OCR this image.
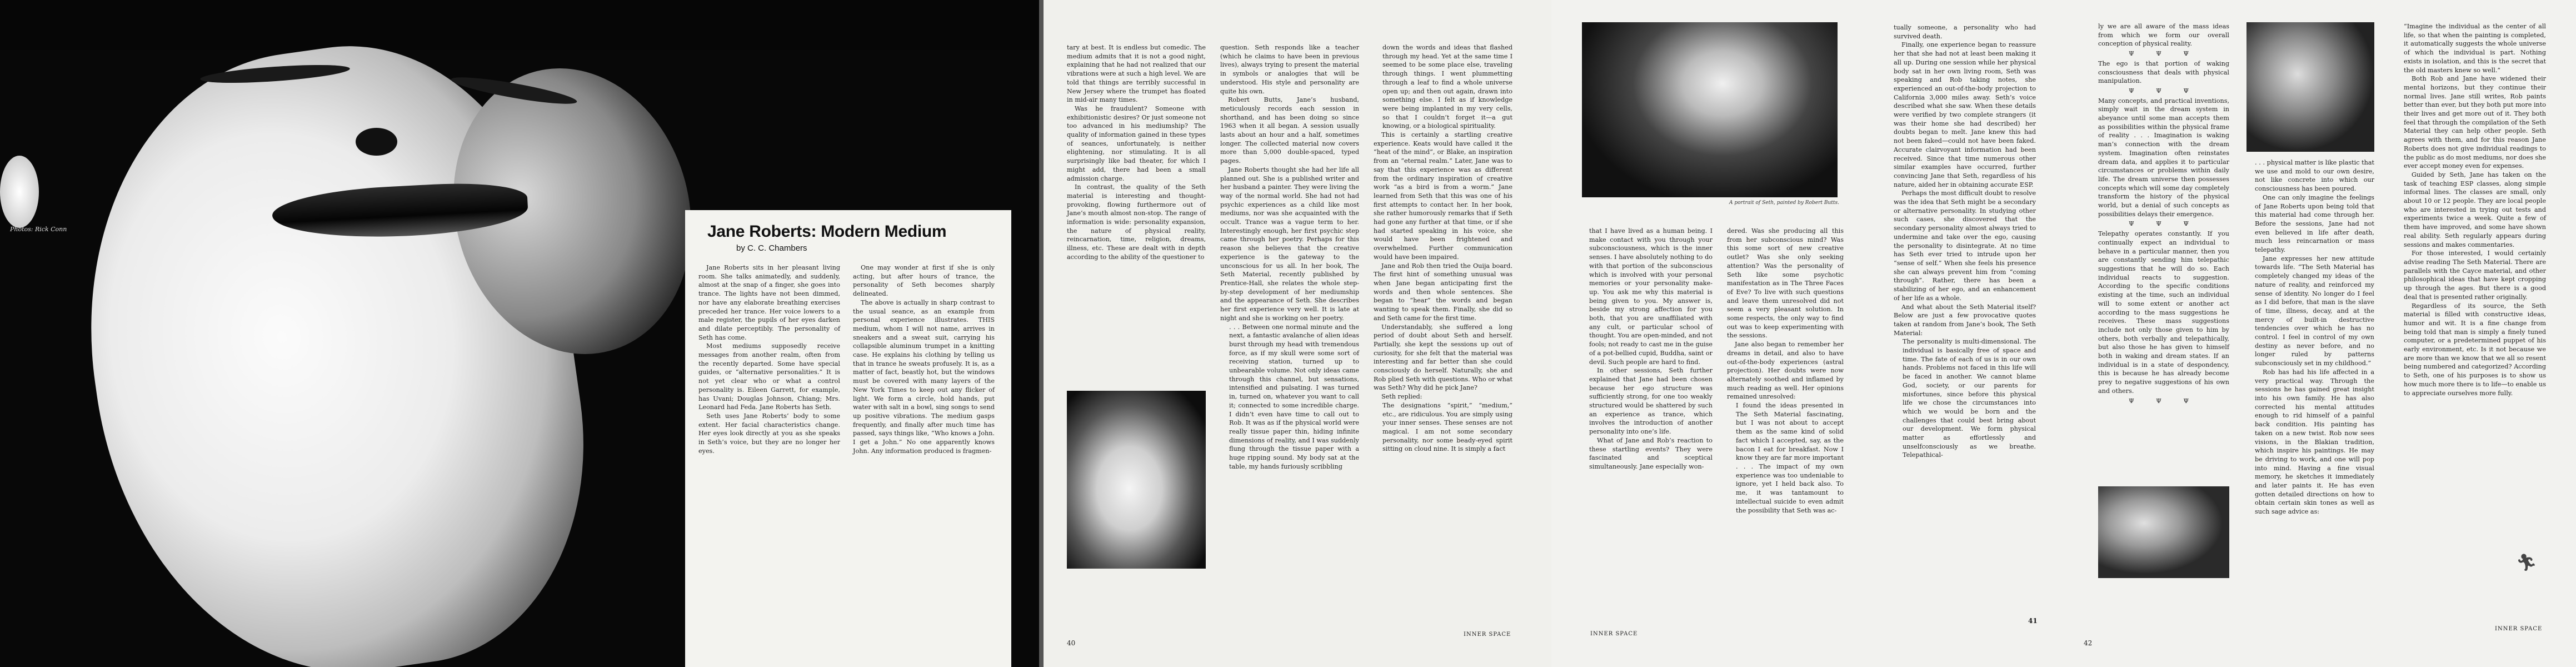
Photos: Rick Conn	Jane Roberts: Modern Medium
by C. C. Chambers

Jane Roberts sits in her pleasant living room. She talks animatedly, and suddenly, almost at the snap of a finger, she goes into trance. The lights have not been dimmed, nor have any elaborate breathing exercises preceded her trance. Her voice lowers to a male register, the pupils of her eyes darken and dilate perceptibly. The personality of Seth has come.

Most mediums supposedly receive messages from another realm, often from the recently departed. Some have special guides, or “alternative personalities.” It is not yet clear who or what a control personality is. Eileen Garrett, for example, has Uvani; Douglas Johnson, Chiang; Mrs. Leonard had Feda. Jane Roberts has Seth.

Seth uses Jane Roberts’ body to some extent. Her facial characteristics change. Her eyes look directly at you as she speaks in Seth’s voice, but they are no longer her eyes.

One may wonder at first if she is only acting, but after hours of trance, the personality of Seth becomes sharply delineated.

The above is actually in sharp contrast to the usual seance, as an example from personal experience illustrates. THIS medium, whom I will not name, arrives in sneakers and a sweat suit, carrying his collapsible aluminum trumpet in a knitting case. He explains his clothing by telling us that in trance he sweats profusely. It is, as a matter of fact, beastly hot, but the windows must be covered with many layers of the New York Times to keep out any flicker of light. We form a circle, hold hands, put water with salt in a bowl, sing songs to send up positive vibrations. The medium gasps frequently, and finally after much time has passed, says things like, “Who knows a John. I get a John.” No one apparently knows John. Any information produced is fragmen-

tary at best. It is endless but comedic. The medium admits that it is not a good night, explaining that he had not realized that our vibrations were at such a high level. We are told that things are terribly successful in New Jersey where the trumpet has floated in mid-air many times.

Was he fraudulent? Someone with exhibitionistic desires? Or just someone not too advanced in his mediumship? The quality of information gained in these types of seances, unfortunately, is neither elightening, nor stimulating. It is all surprisingly like bad theater, for which I might add, there had been a small admission charge.

In contrast, the quality of the Seth material is interesting and thought-provoking, flowing furthermore out of Jane’s mouth almost non-stop. The range of information is wide: personality expansion, the nature of physical reality, reincarnation, time, religion, dreams, illness, etc. These are dealt with in depth according to the ability of the questioner to

40

question. Seth responds like a teacher (which he claims to have been in previous lives), always trying to present the material in symbols or analogies that will be understood. His style and personality are quite his own.

Robert Butts, Jane’s husband, meticulously records each session in shorthand, and has been doing so since 1963 when it all began. A session usually lasts about an hour and a half, sometimes longer. The collected material now covers more than 5,000 double-spaced, typed pages.

Jane Roberts thought she had her life all planned out. She is a published writer and her husband a painter. They were living the way of the normal world. She had not had psychic experiences as a child like most mediums, nor was she acquainted with the occult. Trance was a vague term to her. Interestingly enough, her first psychic step came through her poetry. Perhaps for this reason she believes that the creative experience is the gateway to the unconscious for us all. In her book, The Seth Material, recently published by Prentice-Hall, she relates the whole step-by-step development of her mediumship and the appearance of Seth. She describes her first experience very well. It is late at night and she is working on her poetry.

. . . Between one normal minute and the next, a fantastic avalanche of alien ideas burst through my head with tremendous force, as if my skull were some sort of receiving station, turned up to unbearable volume. Not only ideas came through this channel, but sensations, intensified and pulsating. I was turned in, turned on, whatever you want to call it; connected to some incredible charge. I didn’t even have time to call out to Rob. It was as if the physical world were really tissue paper thin, hiding infinite dimensions of reality, and I was suddenly flung through the tissue paper with a huge ripping sound. My body sat at the table, my hands furiously scribbling

down the words and ideas that flashed through my head. Yet at the same time I seemed to be some place else, traveling through things. I went plummetting through a leaf to find a whole universe open up; and then out again, drawn into something else. I felt as if knowledge were being implanted in my very cells, so that I couldn’t forget it—a gut knowing, or a biological spirituality.

This is certainly a startling creative experience. Keats would have called it the “heat of the mind”, or Blake, an inspiration from an “eternal realm.” Later, Jane was to say that this experience was as different from the ordinary inspiration of creative work “as a bird is from a worm.” Jane learned from Seth that this was one of his first attempts to contact her. In her book, she rather humorously remarks that if Seth had gone any further at that time, or if she had started speaking in his voice, she would have been frightened and overwhelmed. Further communication would have been impaired.

Jane and Rob then tried the Ouija board. The first hint of something unusual was when Jane began anticipating first the words and then whole sentences. She began to “hear” the words and began wanting to speak them. Finally, she did so and Seth came for the first time.

Understandably, she suffered a long period of doubt about Seth and herself. Partially, she kept the sessions up out of curiosity, for she felt that the material was interesting and far better than she could consciously do herself. Naturally, she and Rob plied Seth with questions. Who or what was Seth? Why did he pick Jane?

Seth replied:

The designations “spirit,” “medium,” etc., are ridiculous. You are simply using your inner senses. These senses are not magical. I am not some secondary personality, nor some beady-eyed spirit sitting on cloud nine. It is simply a fact

INNER SPACE
A portrait of Seth, painted by Robert Butts.

that I have lived as a human being. I make contact with you through your subconsciousness, which is the inner senses. I have absolutely nothing to do with that portion of the subconscious which is involved with your personal memories or your personality make-up. You ask me why this material is being given to you. My answer is, beside my strong affection for you both, that you are unaffiliated with any cult, or particular school of thought. You are open-minded, and not fools; not ready to cast me in the guise of a pot-bellied cupid, Buddha, saint or devil. Such people are hard to find.

In other sessions, Seth further explained that Jane had been chosen because her ego structure was sufficiently strong, for one too weakly structured would be shattered by such an experience as trance, which involves the introduction of another personality into one’s life.

What of Jane and Rob’s reaction to these startling events? They were fascinated and sceptical simultaneously. Jane especially won-

INNER SPACE

dered. Was she producing all this from her subconscious mind? Was this some sort of new creative outlet? Was she only seeking attention? Was the personality of Seth like some psychotic manifestation as in The Three Faces of Eve? To live with such questions and leave them unresolved did not seem a very pleasant solution. In some respects, the only way to find out was to keep experimenting with the sessions.

Jane also began to remember her dreams in detail, and also to have out-of-the-body experiences (astral projection). Her doubts were now alternately soothed and inflamed by much reading as well. Her opinions remained unresolved:

I found the ideas presented in The Seth Material fascinating, but I was not about to accept them as the same kind of solid fact which I accepted, say, as the bacon I eat for breakfast. Now I know they are far more important . . . The impact of my own experience was too undeniable to ignore, yet I held back also. To me, it was tantamount to intellectual suicide to even admit the possibility that Seth was ac-

tually someone, a personality who had survived death.

Finally, one experience began to reassure her that she had not at least been making it all up. During one session while her physical body sat in her own living room, Seth was speaking and Rob taking notes, she experienced an out-of-the-body projection to California 3,000 miles away. Seth’s voice described what she saw. When these details were verified by two complete strangers (it was their home she had described) her doubts began to melt. Jane knew this had not been faked—could not have been faked. Accurate clairvoyant information had been received. Since that time numerous other similar examples have occurred, further convincing Jane that Seth, regardless of his nature, aided her in obtaining accurate ESP.

Perhaps the most difficult doubt to resolve was the idea that Seth might be a secondary or alternative personality. In studying other such cases, she discovered that the secondary personality almost always tried to undermine and take over the ego, causing the personality to disintegrate. At no time has Seth ever tried to intrude upon her “sense of self.” When she feels his presence she can always prevent him from “coming through”. Rather, there has been a stabilizing of her ego, and an enhancement of her life as a whole.

And what about the Seth Material itself? Below are just a few provocative quotes taken at random from Jane’s book, The Seth Material:

The personality is multi-dimensional. The individual is basically free of space and time. The fate of each of us is in our own hands. Problems not faced in this life will be faced in another. We cannot blame God, society, or our parents for misfortunes, since before this physical life we chose the circumstances into which we would be born and the challenges that could best bring about our development. We form physical matter as effortlessly and unselfconsciously as we breathe. Telepathical-

41

ly we are all aware of the mass ideas from which we form our overall conception of physical reality.

Ψ Ψ Ψ

The ego is that portion of waking consciousness that deals with physical manipulation.

Ψ Ψ Ψ

Many concepts, and practical inventions, simply wait in the dream system in abeyance until some man accepts them as possibilities within the physical frame of reality . . . Imagination is waking man’s connection with the dream system. Imagination often reinstates dream data, and applies it to particular circumstances or problems within daily life. The dream universe then possesses concepts which will some day completely transform the history of the physical world, but a denial of such concepts as possibilities delays their emergence.

Ψ Ψ Ψ

Telepathy operates constantly. If you continually expect an individual to behave in a particular manner, then you are constantly sending him telepathic suggestions that he will do so. Each individual reacts to suggestion. According to the specific conditions existing at the time, such an individual will to some extent or another act according to the mass suggestions he receives. These mass suggestions include not only those given to him by others, both verbally and telepathically, but also those he has given to himself both in waking and dream states. If an individual is in a state of despondency, this is because he has already become prey to negative suggestions of his own and others.

Ψ Ψ Ψ
42

. . . physical matter is like plastic that we use and mold to our own desire, not like concrete into which our consciousness has been poured.

One can only imagine the feelings of Jane Roberts upon being told that this material had come through her. Before the sessions, Jane had not even believed in life after death, much less reincarnation or mass telepathy.

Jane expresses her new attitude towards life. “The Seth Material has completely changed my ideas of the nature of reality, and reinforced my sense of identity. No longer do I feel as I did before, that man is the slave of time, illness, decay, and at the mercy of built-in destructive tendencies over which he has no control. I feel in control of my own destiny as never before, and no longer ruled by patterns subconsciously set in my childhood.”

Rob has had his life affected in a very practical way. Through the sessions he has gained great insight into his own family. He has also corrected his mental attitudes enough to rid himself of a painful back condition. His painting has taken on a new twist. Rob now sees visions, in the Blakian tradition, which inspire his paintings. He may be driving to work, and one will pop into mind. Having a fine visual memory, he sketches it immediately and later paints it. He has even gotten detailed directions on how to obtain certain skin tones as well as such sage advice as:

“Imagine the individual as the center of all life, so that when the painting is completed, it automatically suggests the whole universe of which the individual is part. Nothing exists in isolation, and this is the secret that the old masters knew so well.”

Both Rob and Jane have widened their mental horizons, but they continue their normal lives. Jane still writes, Rob paints better than ever, but they both put more into their lives and get more out of it. They both feel that through the compilation of the Seth Material they can help other people. Seth agrees with them, and for this reason Jane Roberts does not give individual readings to the public as do most mediums, nor does she ever accept money even for expenses.

Guided by Seth, Jane has taken on the task of teaching ESP classes, along simple informal lines. The classes are small, only about 10 or 12 people. They are local people who are interested in trying out tests and experiments twice a week. Quite a few of them have improved, and some have shown real ability. Seth regularly appears during sessions and makes commentaries.

For those interested, I would certainly advise reading The Seth Material. There are parallels with the Cayce material, and other philosophical ideas that have kept cropping up through the ages. But there is a good deal that is presented rather originally.

Regardless of its source, the Seth material is filled with constructive ideas, humor and wit. It is a fine change from being told that man is simply a finely tuned computer, or a predetermined puppet of his early environment, etc. Is it not because we are more than we know that we all so resent being numbered and categorized? According to Seth, one of his purposes is to show us how much more there is to life—to enable us to appreciate ourselves more fully.

🏃︎
INNER SPACE
